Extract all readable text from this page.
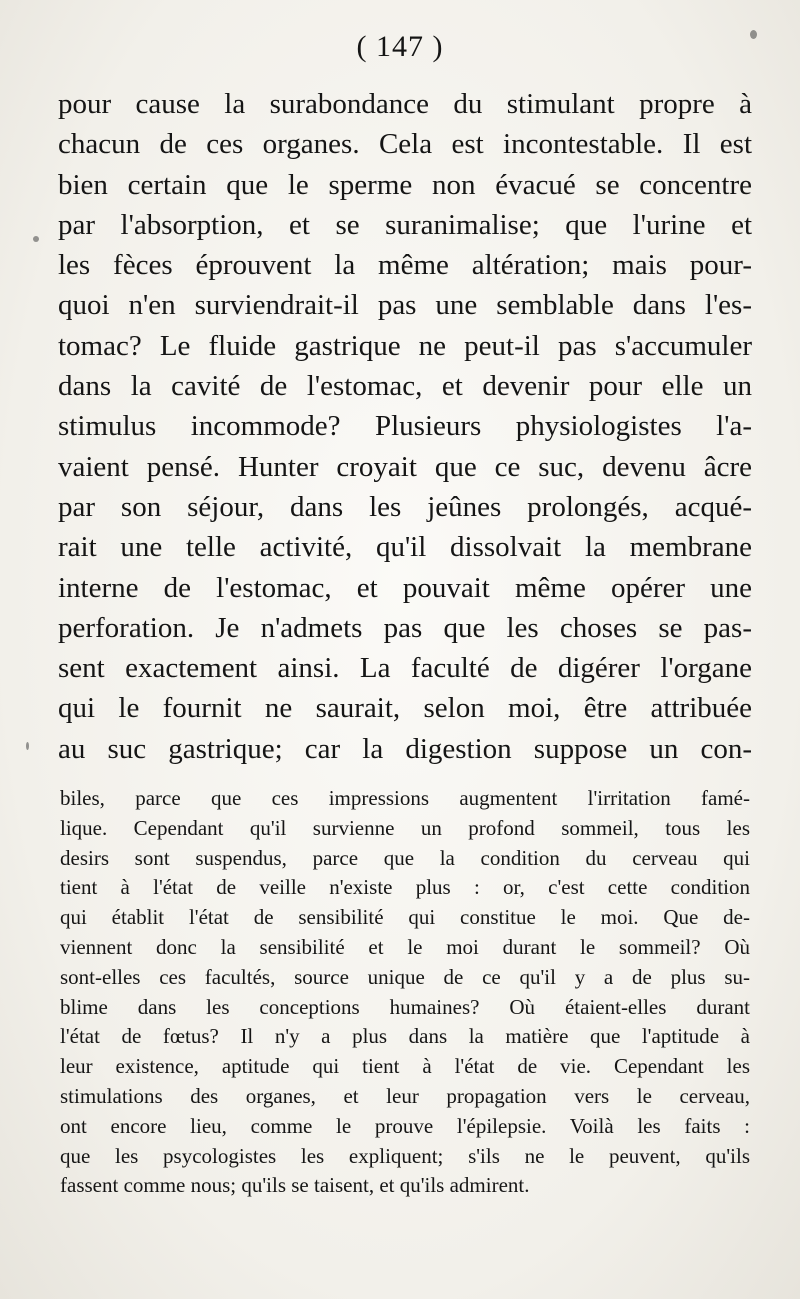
( 147 )
pour cause la surabondance du stimulant propre à
chacun de ces organes. Cela est incontestable. Il est
bien certain que le sperme non évacué se concentre
par l'absorption, et se suranimalise; que l'urine et
les fèces éprouvent la même altération; mais pour-
quoi n'en surviendrait-il pas une semblable dans l'es-
tomac? Le fluide gastrique ne peut-il pas s'accumuler
dans la cavité de l'estomac, et devenir pour elle un
stimulus incommode? Plusieurs physiologistes l'a-
vaient pensé. Hunter croyait que ce suc, devenu âcre
par son séjour, dans les jeûnes prolongés, acqué-
rait une telle activité, qu'il dissolvait la membrane
interne de l'estomac, et pouvait même opérer une
perforation. Je n'admets pas que les choses se pas-
sent exactement ainsi. La faculté de digérer l'organe
qui le fournit ne saurait, selon moi, être attribuée
au suc gastrique; car la digestion suppose un con-
biles, parce que ces impressions augmentent l'irritation famé-
lique. Cependant qu'il survienne un profond sommeil, tous les
desirs sont suspendus, parce que la condition du cerveau qui
tient à l'état de veille n'existe plus : or, c'est cette condition
qui établit l'état de sensibilité qui constitue le moi. Que de-
viennent donc la sensibilité et le moi durant le sommeil? Où
sont-elles ces facultés, source unique de ce qu'il y a de plus su-
blime dans les conceptions humaines? Où étaient-elles durant
l'état de fœtus? Il n'y a plus dans la matière que l'aptitude à
leur existence, aptitude qui tient à l'état de vie. Cependant les
stimulations des organes, et leur propagation vers le cerveau,
ont encore lieu, comme le prouve l'épilepsie. Voilà les faits :
que les psycologistes les expliquent; s'ils ne le peuvent, qu'ils
fassent comme nous; qu'ils se taisent, et qu'ils admirent.
